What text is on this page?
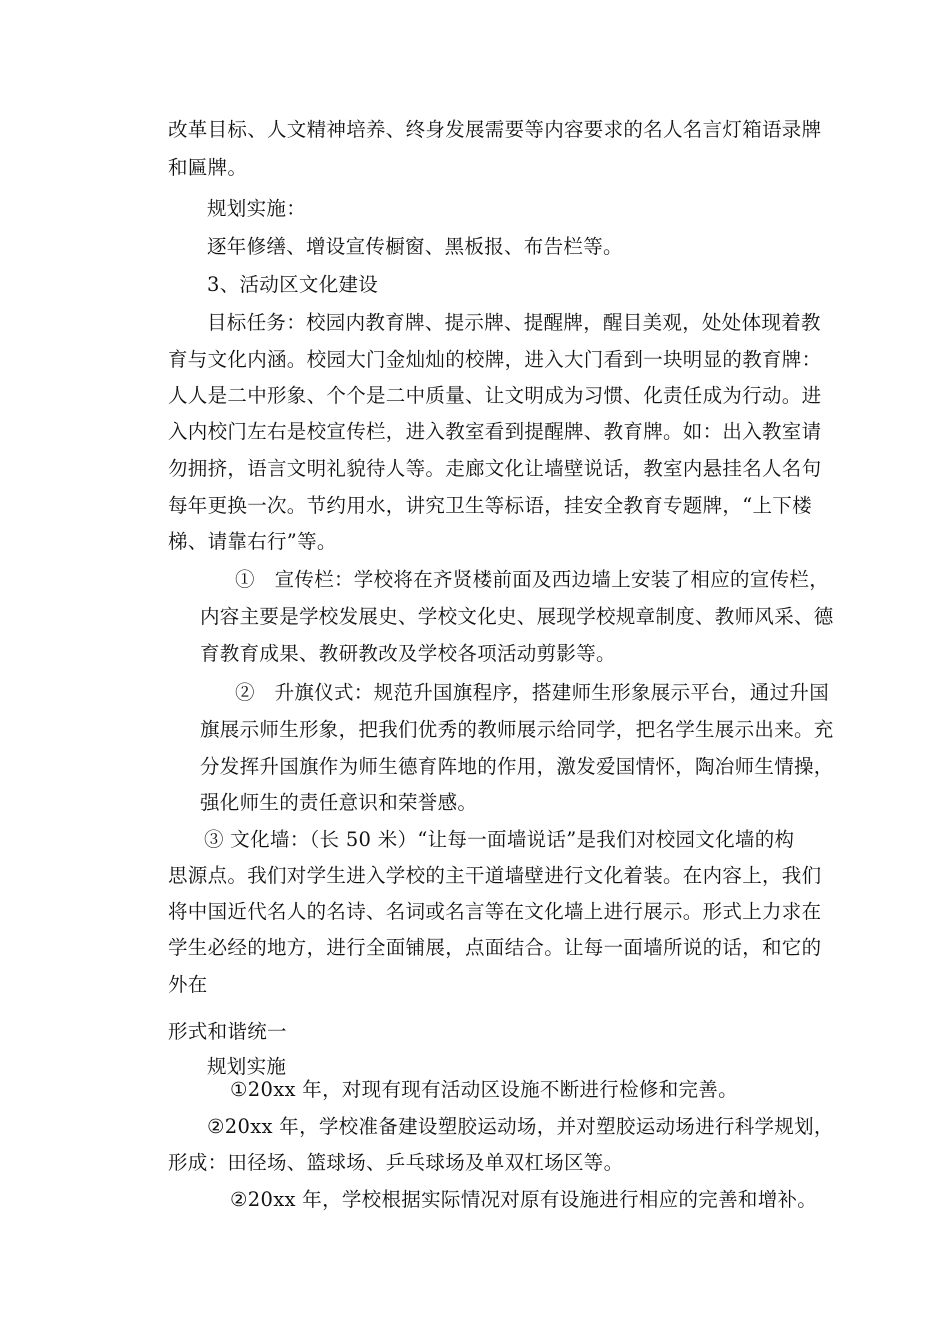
改革目标、人文精神培养、终身发展需要等内容要求的名人名言灯箱语录牌
和匾牌。
规划实施：
逐年修缮、增设宣传橱窗、黑板报、布告栏等。
3、活动区文化建设
目标任务：校园内教育牌、提示牌、提醒牌，醒目美观，处处体现着教
育与文化内涵。校园大门金灿灿的校牌，进入大门看到一块明显的教育牌：
人人是二中形象、个个是二中质量、让文明成为习惯、化责任成为行动。进
入内校门左右是校宣传栏，进入教室看到提醒牌、教育牌。如：出入教室请
勿拥挤，语言文明礼貌待人等。走廊文化让墙壁说话，教室内悬挂名人名句
每年更换一次。节约用水，讲究卫生等标语，挂安全教育专题牌，“上下楼
梯、请靠右行”等。
①　宣传栏：学校将在齐贤楼前面及西边墙上安装了相应的宣传栏，
内容主要是学校发展史、学校文化史、展现学校规章制度、教师风采、德
育教育成果、教研教改及学校各项活动剪影等。
②　升旗仪式：规范升国旗程序，搭建师生形象展示平台，通过升国
旗展示师生形象，把我们优秀的教师展示给同学，把名学生展示出来。充
分发挥升国旗作为师生德育阵地的作用，激发爱国情怀，陶冶师生情操，
强化师生的责任意识和荣誉感。
③ 文化墙：（长 50 米）“让每一面墙说话”是我们对校园文化墙的构
思源点。我们对学生进入学校的主干道墙壁进行文化着装。在内容上，我们
将中国近代名人的名诗、名词或名言等在文化墙上进行展示。形式上力求在
学生必经的地方，进行全面铺展，点面结合。让每一面墙所说的话，和它的
外在
形式和谐统一
规划实施
①20xx 年，对现有现有活动区设施不断进行检修和完善。
②20xx 年，学校准备建设塑胶运动场，并对塑胶运动场进行科学规划，
形成：田径场、篮球场、乒乓球场及单双杠场区等。
②20xx 年，学校根据实际情况对原有设施进行相应的完善和增补。
